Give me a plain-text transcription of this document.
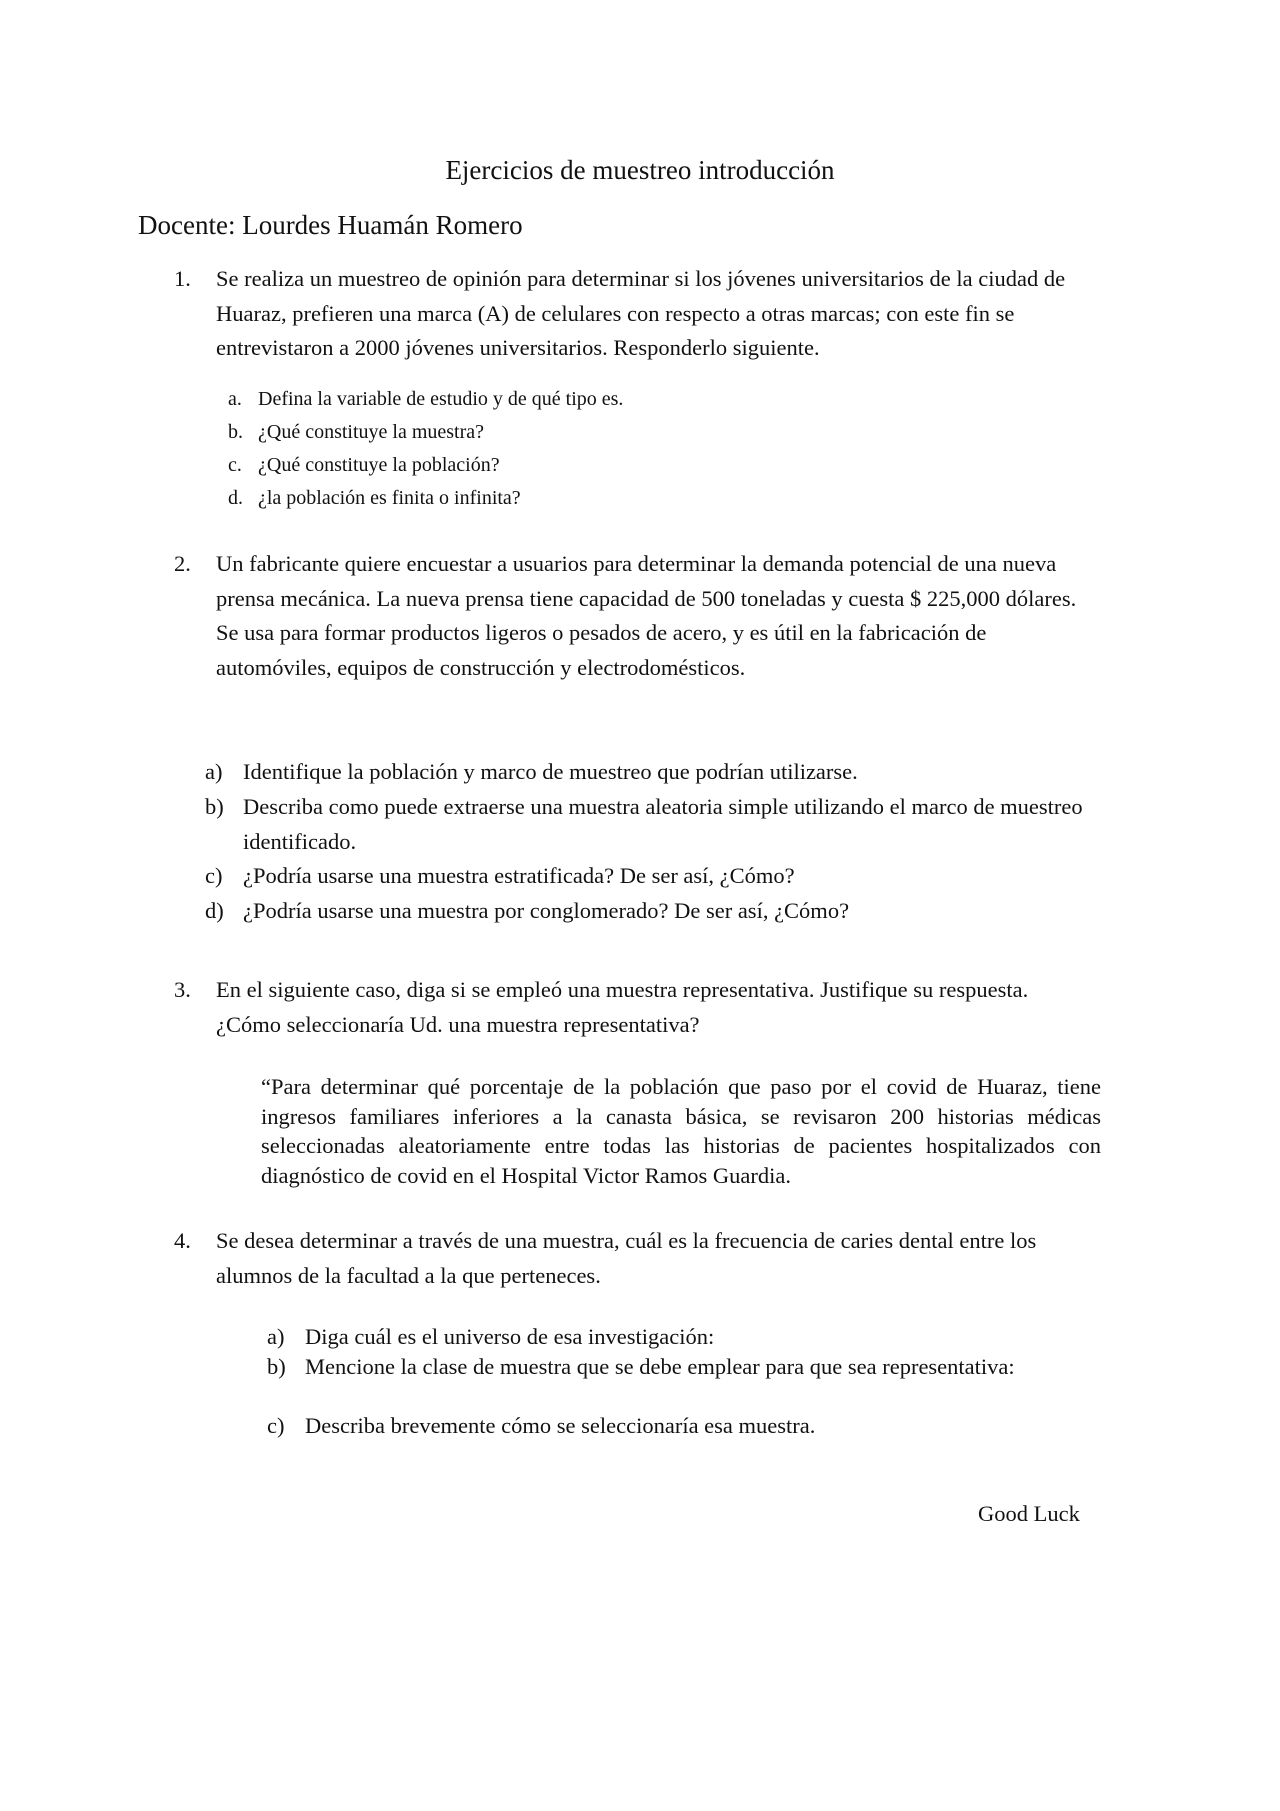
Ejercicios de muestreo introducción
Docente: Lourdes Huamán Romero
1. Se realiza un muestreo de opinión para determinar si los jóvenes universitarios de la ciudad de Huaraz, prefieren una marca (A) de celulares con respecto a otras marcas; con este fin se entrevistaron a 2000 jóvenes universitarios. Responderlo siguiente.
a. Defina la variable de estudio y de qué tipo es.
b. ¿Qué constituye la muestra?
c. ¿Qué constituye la población?
d. ¿la población es finita o infinita?
2. Un fabricante quiere encuestar a usuarios para determinar la demanda potencial de una nueva prensa mecánica. La nueva prensa tiene capacidad de 500 toneladas y cuesta $ 225,000 dólares. Se usa para formar productos ligeros o pesados de acero, y es útil en la fabricación de automóviles, equipos de construcción y electrodomésticos.
a) Identifique la población y marco de muestreo que podrían utilizarse.
b) Describa como puede extraerse una muestra aleatoria simple utilizando el marco de muestreo identificado.
c) ¿Podría usarse una muestra estratificada? De ser así, ¿Cómo?
d) ¿Podría usarse una muestra por conglomerado? De ser así, ¿Cómo?
3. En el siguiente caso, diga si se empleó una muestra representativa. Justifique su respuesta. ¿Cómo seleccionaría Ud. una muestra representativa?
“Para determinar qué porcentaje de la población que paso por el covid de Huaraz, tiene ingresos familiares inferiores a la canasta básica, se revisaron 200 historias médicas seleccionadas aleatoriamente entre todas las historias de pacientes hospitalizados con diagnóstico de covid en el Hospital Victor Ramos Guardia.
4. Se desea determinar a través de una muestra, cuál es la frecuencia de caries dental entre los alumnos de la facultad a la que perteneces.
a) Diga cuál es el universo de esa investigación:
b) Mencione la clase de muestra que se debe emplear para que sea representativa:
c) Describa brevemente cómo se seleccionaría esa muestra.
Good Luck
